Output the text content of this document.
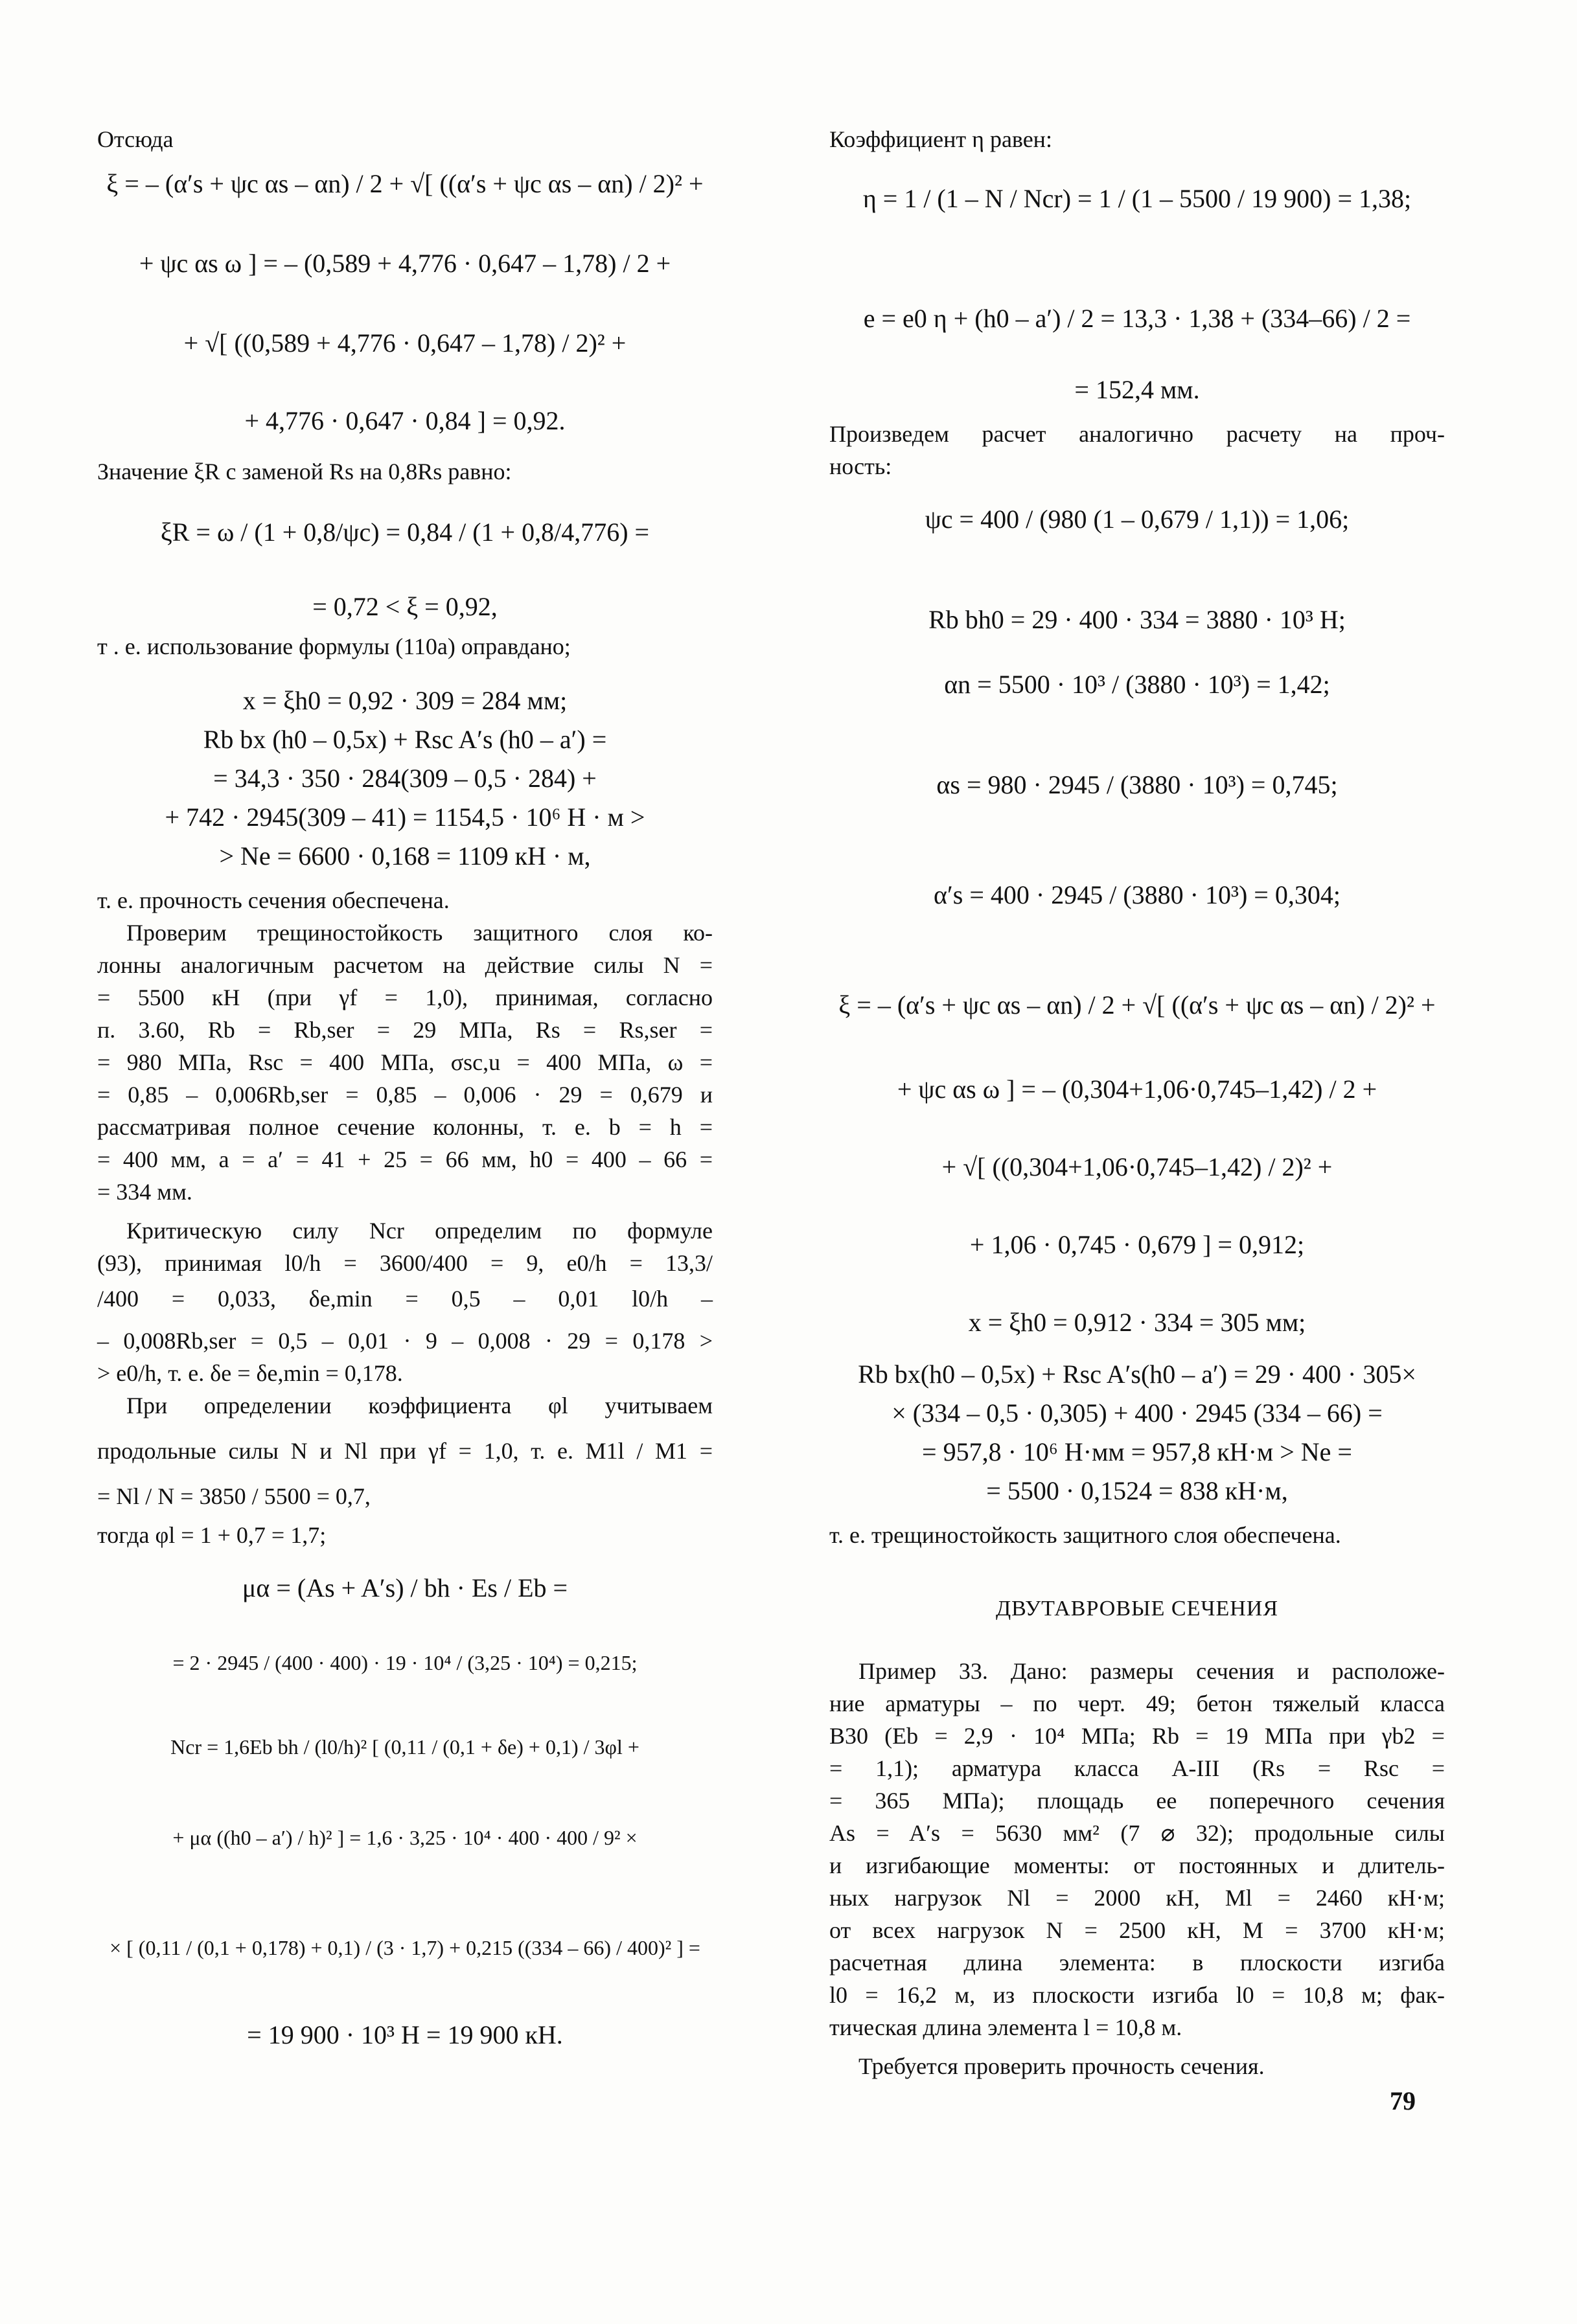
Отсюда
ξ = – (α′s + ψc αs – αn) / 2 + √[ ((α′s + ψc αs – αn) / 2)² +
+ ψc αs ω ] = – (0,589 + 4,776 · 0,647 – 1,78) / 2 +
+ √[ ((0,589 + 4,776 · 0,647 – 1,78) / 2)² +
+ 4,776 · 0,647 · 0,84 ] = 0,92.
Значение ξR с заменой Rs на 0,8Rs равно:
ξR = ω / (1 + 0,8/ψc) = 0,84 / (1 + 0,8/4,776) =
= 0,72 < ξ = 0,92,
т . е. использование формулы (110а) оправдано;
x = ξh0 = 0,92 · 309 = 284 мм;
Rb bx (h0 – 0,5x) + Rsc A′s (h0 – a′) =
= 34,3 · 350 · 284(309 – 0,5 · 284) +
+ 742 · 2945(309 – 41) = 1154,5 · 10⁶ Н · м >
> Ne = 6600 · 0,168 = 1109 кН · м,
т. е. прочность сечения обеспечена.
Проверим трещиностойкость защитного слоя ко-
лонны аналогичным расчетом на действие силы N =
= 5500 кН (при γf = 1,0), принимая, согласно
п. 3.60, Rb = Rb,ser = 29 МПа, Rs = Rs,ser =
= 980 МПа, Rsc = 400 МПа, σsc,u = 400 МПа, ω =
= 0,85 – 0,006Rb,ser = 0,85 – 0,006 · 29 = 0,679 и
рассматривая полное сечение колонны, т. е. b = h =
= 400 мм, a = a′ = 41 + 25 = 66 мм, h0 = 400 – 66 =
= 334 мм.
Критическую силу Ncr определим по формуле
(93), принимая l0/h = 3600/400 = 9, e0/h = 13,3/
/400 = 0,033, δe,min = 0,5 – 0,01 l0/h –
– 0,008Rb,ser = 0,5 – 0,01 · 9 – 0,008 · 29 = 0,178 >
> e0/h, т. е. δe = δe,min = 0,178.
При определении коэффициента φl учитываем
продольные силы N и Nl при γf = 1,0, т. е. M1l / M1 =
= Nl / N = 3850 / 5500 = 0,7,
тогда φl = 1 + 0,7 = 1,7;
μα = (As + A′s) / bh · Es / Eb =
= 2 · 2945 / (400 · 400) · 19 · 10⁴ / (3,25 · 10⁴) = 0,215;
Ncr = 1,6Eb bh / (l0/h)² [ (0,11 / (0,1 + δe) + 0,1) / 3φl +
+ μα ((h0 – a′) / h)² ] = 1,6 · 3,25 · 10⁴ · 400 · 400 / 9² ×
× [ (0,11 / (0,1 + 0,178) + 0,1) / (3 · 1,7) + 0,215 ((334 – 66) / 400)² ] =
= 19 900 · 10³ Н = 19 900 кН.
Коэффициент η равен:
η = 1 / (1 – N / Ncr) = 1 / (1 – 5500 / 19 900) = 1,38;
e = e0 η + (h0 – a′) / 2 = 13,3 · 1,38 + (334–66) / 2 =
= 152,4 мм.
Произведем расчет аналогично расчету на проч-
ность:
ψc = 400 / (980 (1 – 0,679 / 1,1)) = 1,06;
Rb bh0 = 29 · 400 · 334 = 3880 · 10³ Н;
αn = 5500 · 10³ / (3880 · 10³) = 1,42;
αs = 980 · 2945 / (3880 · 10³) = 0,745;
α′s = 400 · 2945 / (3880 · 10³) = 0,304;
ξ = – (α′s + ψc αs – αn) / 2 + √[ ((α′s + ψc αs – αn) / 2)² +
+ ψc αs ω ] = – (0,304+1,06·0,745–1,42) / 2 +
+ √[ ((0,304+1,06·0,745–1,42) / 2)² +
+ 1,06 · 0,745 · 0,679 ] = 0,912;
x = ξh0 = 0,912 · 334 = 305 мм;
Rb bx(h0 – 0,5x) + Rsc A′s(h0 – a′) = 29 · 400 · 305×
× (334 – 0,5 · 0,305) + 400 · 2945 (334 – 66) =
= 957,8 · 10⁶ Н·мм = 957,8 кН·м > Ne =
= 5500 · 0,1524 = 838 кН·м,
т. е. трещиностойкость защитного слоя обеспечена.
ДВУТАВРОВЫЕ СЕЧЕНИЯ
Пример 33. Дано: размеры сечения и расположе-
ние арматуры – по черт. 49; бетон тяжелый класса
В30 (Eb = 2,9 · 10⁴ МПа; Rb = 19 МПа при γb2 =
= 1,1); арматура класса А-III (Rs = Rsc =
= 365 МПа); площадь ее поперечного сечения
As = A′s = 5630 мм² (7 ⌀ 32); продольные силы
и изгибающие моменты: от постоянных и длитель-
ных нагрузок Nl = 2000 кН, Ml = 2460 кН·м;
от всех нагрузок N = 2500 кН, M = 3700 кН·м;
расчетная длина элемента: в плоскости изгиба
l0 = 16,2 м, из плоскости изгиба l0 = 10,8 м; фак-
тическая длина элемента l = 10,8 м.
Требуется проверить прочность сечения.
79
